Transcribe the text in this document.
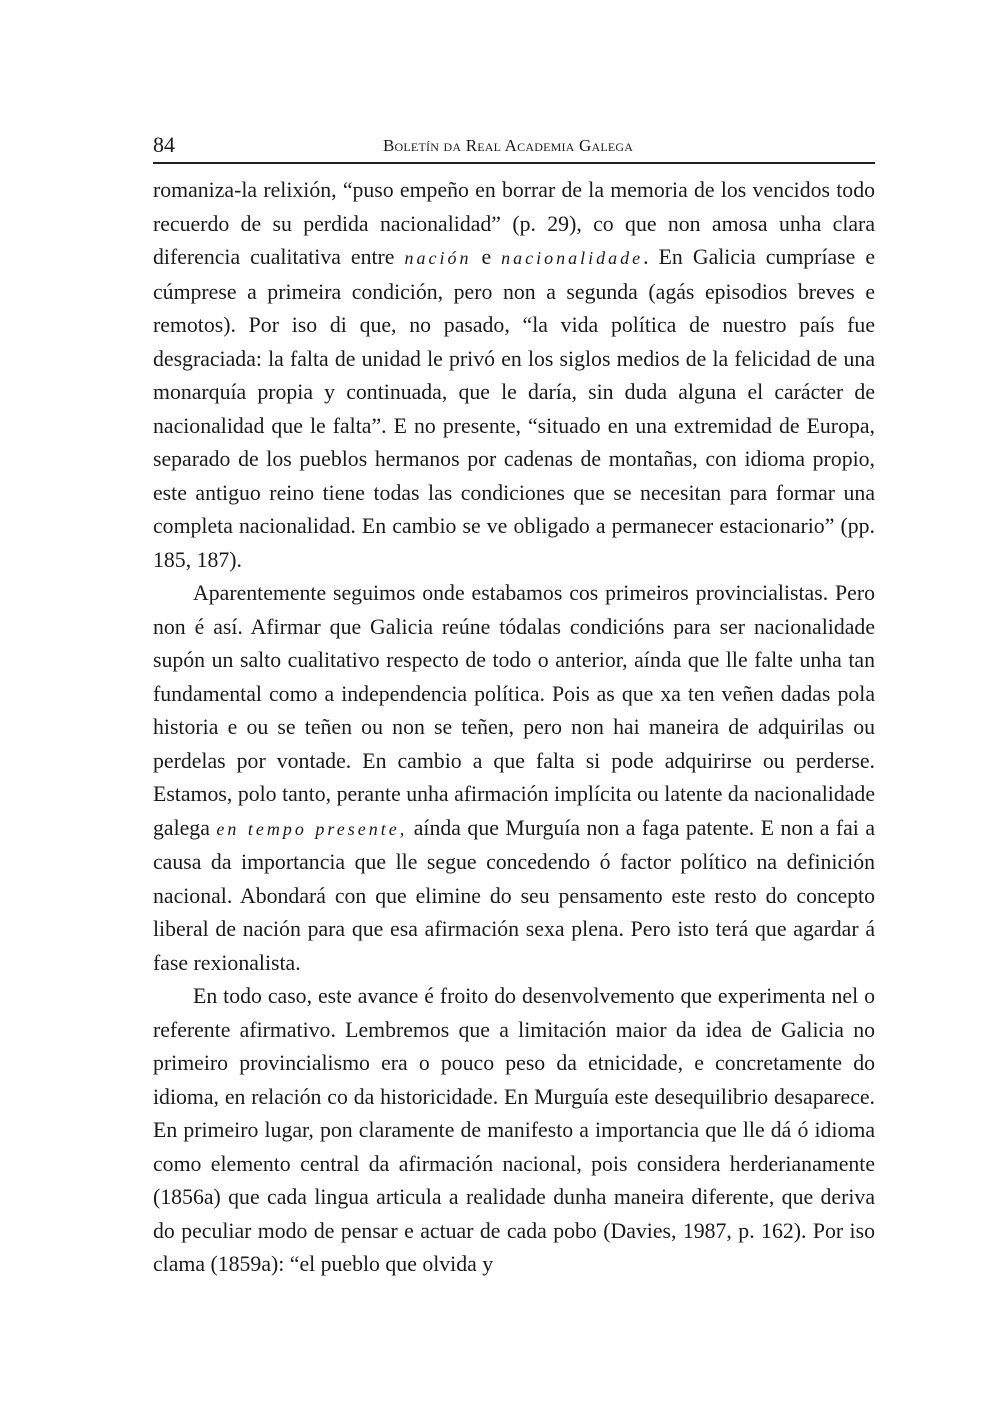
84	Boletín da Real Academia Galega

romaniza-la relixión, “puso empeño en borrar de la memoria de los vencidos todo recuerdo de su perdida nacionalidad” (p. 29), co que non amosa unha clara diferencia cualitativa entre nación e nacionalidade. En Galicia cumpríase e cúmprese a primeira condición, pero non a segunda (agás episodios breves e remotos). Por iso di que, no pasado, “la vida política de nuestro país fue desgraciada: la falta de unidad le privó en los siglos medios de la felicidad de una monarquía propia y continuada, que le daría, sin duda alguna el carácter de nacionalidad que le falta”. E no presente, “situado en una extremidad de Europa, separado de los pueblos hermanos por cadenas de montañas, con idioma propio, este antiguo reino tiene todas las condiciones que se necesitan para formar una completa nacionalidad. En cambio se ve obligado a permanecer estacionario” (pp. 185, 187).

Aparentemente seguimos onde estabamos cos primeiros provincialistas. Pero non é así. Afirmar que Galicia reúne tódalas condicións para ser nacionalidade supón un salto cualitativo respecto de todo o anterior, aínda que lle falte unha tan fundamental como a independencia política. Pois as que xa ten veñen dadas pola historia e ou se teñen ou non se teñen, pero non hai maneira de adquirilas ou perdelas por vontade. En cambio a que falta si pode adquirirse ou perderse. Estamos, polo tanto, perante unha afirmación implícita ou latente da nacionalidade galega en tempo presente, aínda que Murguía non a faga patente. E non a fai a causa da importancia que lle segue concedendo ó factor político na definición nacional. Abondará con que elimine do seu pensamento este resto do concepto liberal de nación para que esa afirmación sexa plena. Pero isto terá que agardar á fase rexionalista.

En todo caso, este avance é froito do desenvolvemento que experimenta nel o referente afirmativo. Lembremos que a limitación maior da idea de Galicia no primeiro provincialismo era o pouco peso da etnicidade, e concretamente do idioma, en relación co da historicidade. En Murguía este desequilibrio desaparece. En primeiro lugar, pon claramente de manifesto a importancia que lle dá ó idioma como elemento central da afirmación nacional, pois considera herderianamente (1856a) que cada lingua articula a realidade dunha maneira diferente, que deriva do peculiar modo de pensar e actuar de cada pobo (Davies, 1987, p. 162). Por iso clama (1859a): “el pueblo que olvida y
